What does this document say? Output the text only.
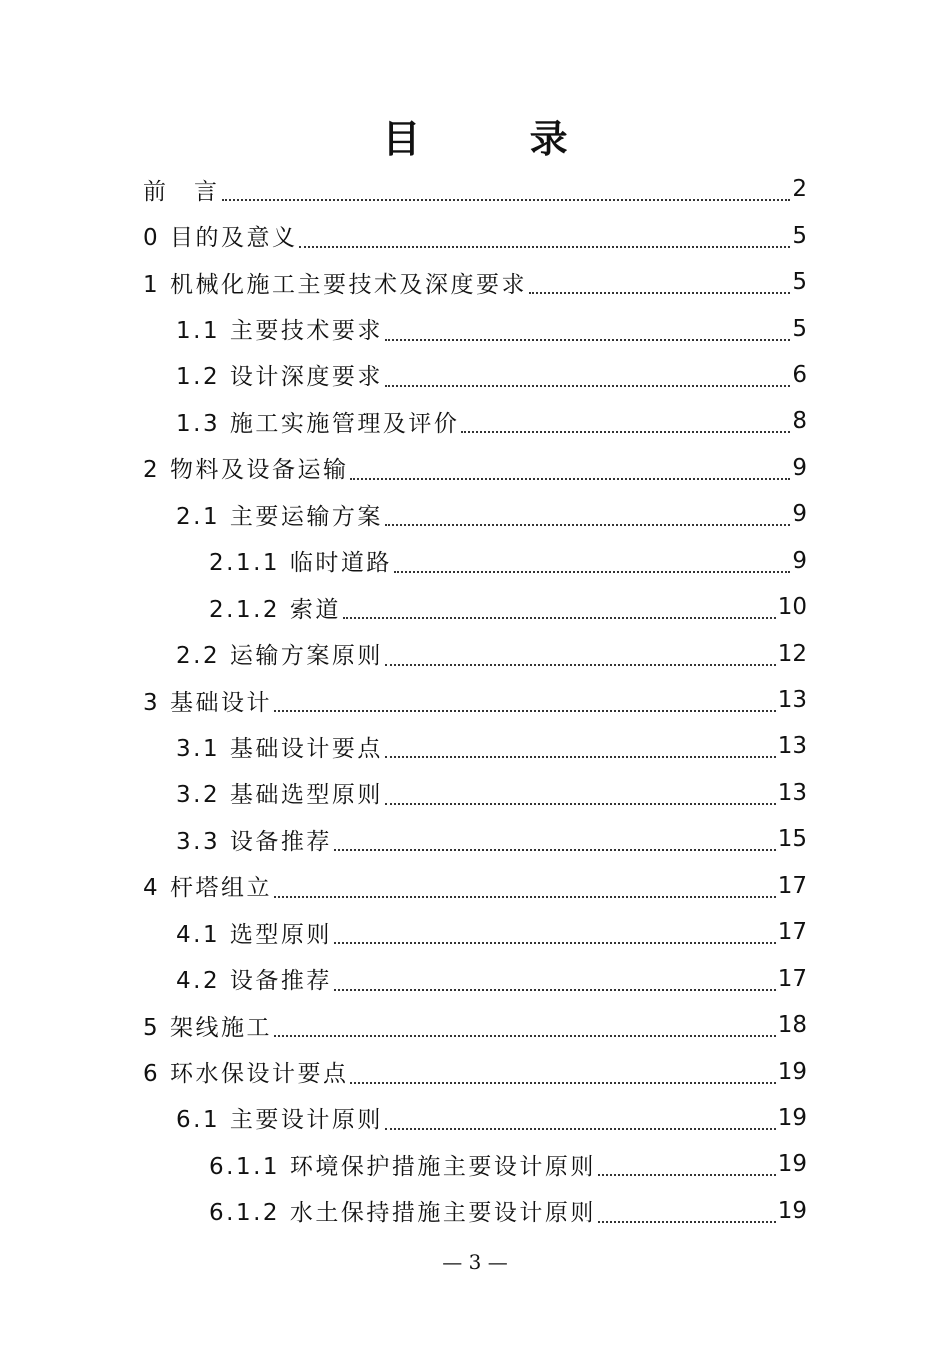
目 录
前　言	2
0 目的及意义	5
1 机械化施工主要技术及深度要求	5
1.1 主要技术要求	5
1.2 设计深度要求	6
1.3 施工实施管理及评价	8
2 物料及设备运输	9
2.1 主要运输方案	9
2.1.1 临时道路	9
2.1.2 索道	10
2.2 运输方案原则	12
3 基础设计	13
3.1 基础设计要点	13
3.2 基础选型原则	13
3.3 设备推荐	15
4 杆塔组立	17
4.1 选型原则	17
4.2 设备推荐	17
5 架线施工	18
6 环水保设计要点	19
6.1 主要设计原则	19
6.1.1 环境保护措施主要设计原则	19
6.1.2 水土保持措施主要设计原则	19
— 3 —
